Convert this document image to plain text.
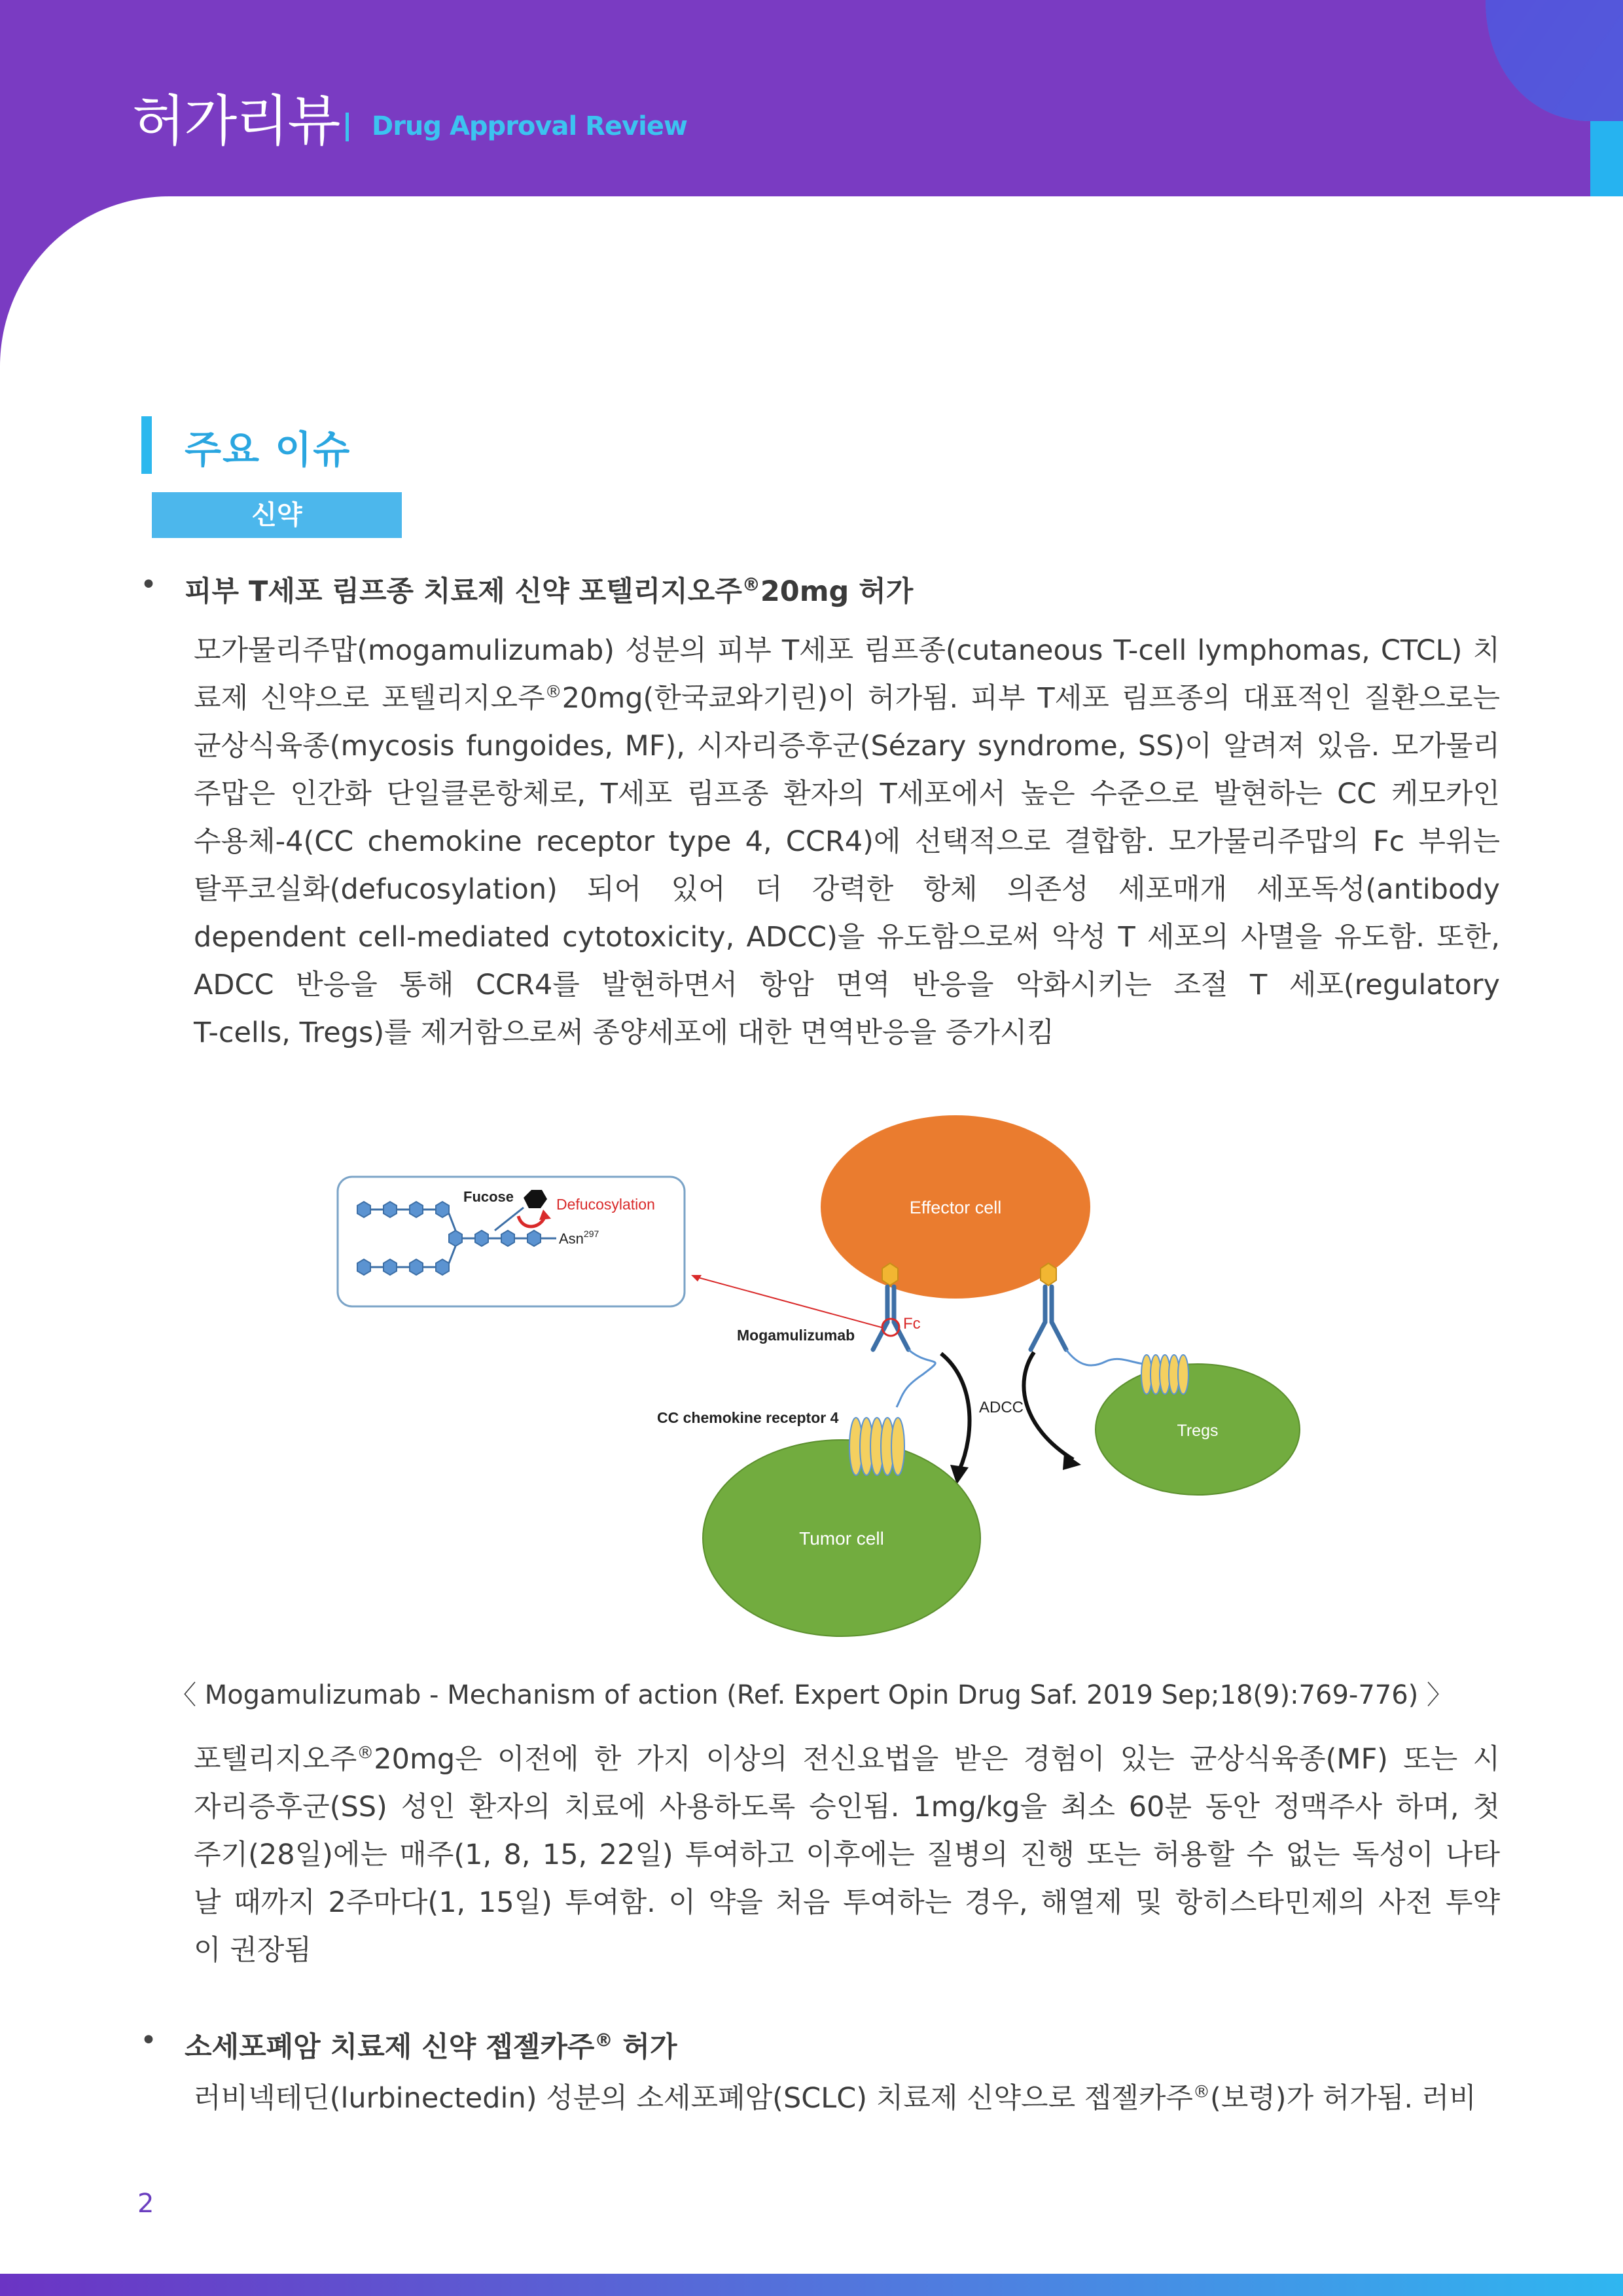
허가리뷰 Drug Approval Review
주요 이슈
신약
• 피부 T세포 림프종 치료제 신약 포텔리지오주®20mg 허가
모가물리주맙(mogamulizumab) 성분의 피부 T세포 림프종(cutaneous T-cell lymphomas, CTCL) 치
료제 신약으로 포텔리지오주®20mg(한국쿄와기린)이 허가됨. 피부 T세포 림프종의 대표적인 질환으로는
균상식육종(mycosis fungoides, MF), 시자리증후군(Sézary syndrome, SS)이 알려져 있음. 모가물리
주맙은 인간화 단일클론항체로, T세포 림프종 환자의 T세포에서 높은 수준으로 발현하는 CC 케모카인
수용체-4(CC chemokine receptor type 4, CCR4)에 선택적으로 결합함. 모가물리주맙의 Fc 부위는
탈푸코실화(defucosylation) 되어 있어 더 강력한 항체 의존성 세포매개 세포독성(antibody
dependent cell-mediated cytotoxicity, ADCC)을 유도함으로써 악성 T 세포의 사멸을 유도함. 또한,
ADCC 반응을 통해 CCR4를 발현하면서 항암 면역 반응을 악화시키는 조절 T 세포(regulatory
T-cells, Tregs)를 제거함으로써 종양세포에 대한 면역반응을 증가시킴
Fucose	Defucosylation
Asn$^{297}$
Effector cell
Fc
Mogamulizumab
ADCC
Tregs
Tumor cell
CC chemokine receptor 4
〈 Mogamulizumab - Mechanism of action (Ref. Expert Opin Drug Saf. 2019 Sep;18(9):769-776) 〉
포텔리지오주®20mg은 이전에 한 가지 이상의 전신요법을 받은 경험이 있는 균상식육종(MF) 또는 시
자리증후군(SS) 성인 환자의 치료에 사용하도록 승인됨. 1mg/kg을 최소 60분 동안 정맥주사 하며, 첫
주기(28일)에는 매주(1, 8, 15, 22일) 투여하고 이후에는 질병의 진행 또는 허용할 수 없는 독성이 나타
날 때까지 2주마다(1, 15일) 투여함. 이 약을 처음 투여하는 경우, 해열제 및 항히스타민제의 사전 투약
이 권장됨
• 소세포폐암 치료제 신약 젭젤카주® 허가
러비넥테딘(lurbinectedin) 성분의 소세포폐암(SCLC) 치료제 신약으로 젭젤카주®(보령)가 허가됨. 러비
2
